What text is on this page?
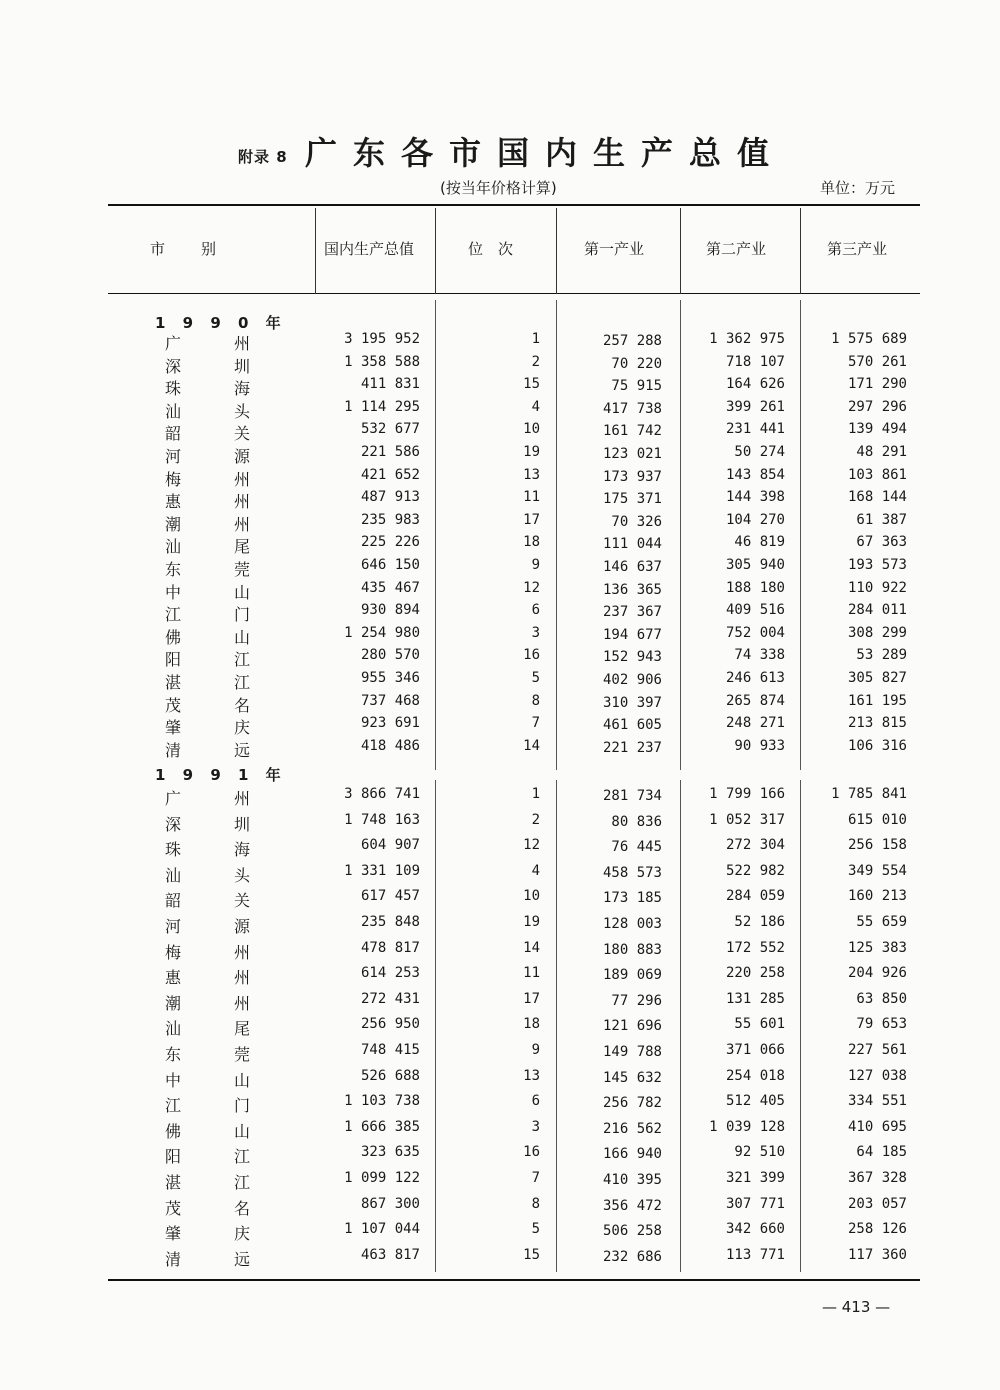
附录 8 广东各市国内生产总值
(按当年价格计算)	单位：万元
市　　别	国内生产总值	位　次	第一产业	第二产业	第三产业
1 9 9 0 年
广	州	3 195 952	1	257 288	1 362 975	1 575 689
深	圳	1 358 588	2	70 220	718 107	570 261
珠	海	411 831	15	75 915	164 626	171 290
汕	头	1 114 295	4	417 738	399 261	297 296
韶	关	532 677	10	161 742	231 441	139 494
河	源	221 586	19	123 021	50 274	48 291
梅	州	421 652	13	173 937	143 854	103 861
惠	州	487 913	11	175 371	144 398	168 144
潮	州	235 983	17	70 326	104 270	61 387
汕	尾	225 226	18	111 044	46 819	67 363
东	莞	646 150	9	146 637	305 940	193 573
中	山	435 467	12	136 365	188 180	110 922
江	门	930 894	6	237 367	409 516	284 011
佛	山	1 254 980	3	194 677	752 004	308 299
阳	江	280 570	16	152 943	74 338	53 289
湛	江	955 346	5	402 906	246 613	305 827
茂	名	737 468	8	310 397	265 874	161 195
肇	庆	923 691	7	461 605	248 271	213 815
清	远	418 486	14	221 237	90 933	106 316
1 9 9 1 年
广	州	3 866 741	1	281 734	1 799 166	1 785 841
深	圳	1 748 163	2	80 836	1 052 317	615 010
珠	海	604 907	12	76 445	272 304	256 158
汕	头	1 331 109	4	458 573	522 982	349 554
韶	关	617 457	10	173 185	284 059	160 213
河	源	235 848	19	128 003	52 186	55 659
梅	州	478 817	14	180 883	172 552	125 383
惠	州	614 253	11	189 069	220 258	204 926
潮	州	272 431	17	77 296	131 285	63 850
汕	尾	256 950	18	121 696	55 601	79 653
东	莞	748 415	9	149 788	371 066	227 561
中	山	526 688	13	145 632	254 018	127 038
江	门	1 103 738	6	256 782	512 405	334 551
佛	山	1 666 385	3	216 562	1 039 128	410 695
阳	江	323 635	16	166 940	92 510	64 185
湛	江	1 099 122	7	410 395	321 399	367 328
茂	名	867 300	8	356 472	307 771	203 057
肇	庆	1 107 044	5	506 258	342 660	258 126
清	远	463 817	15	232 686	113 771	117 360
— 413 —
